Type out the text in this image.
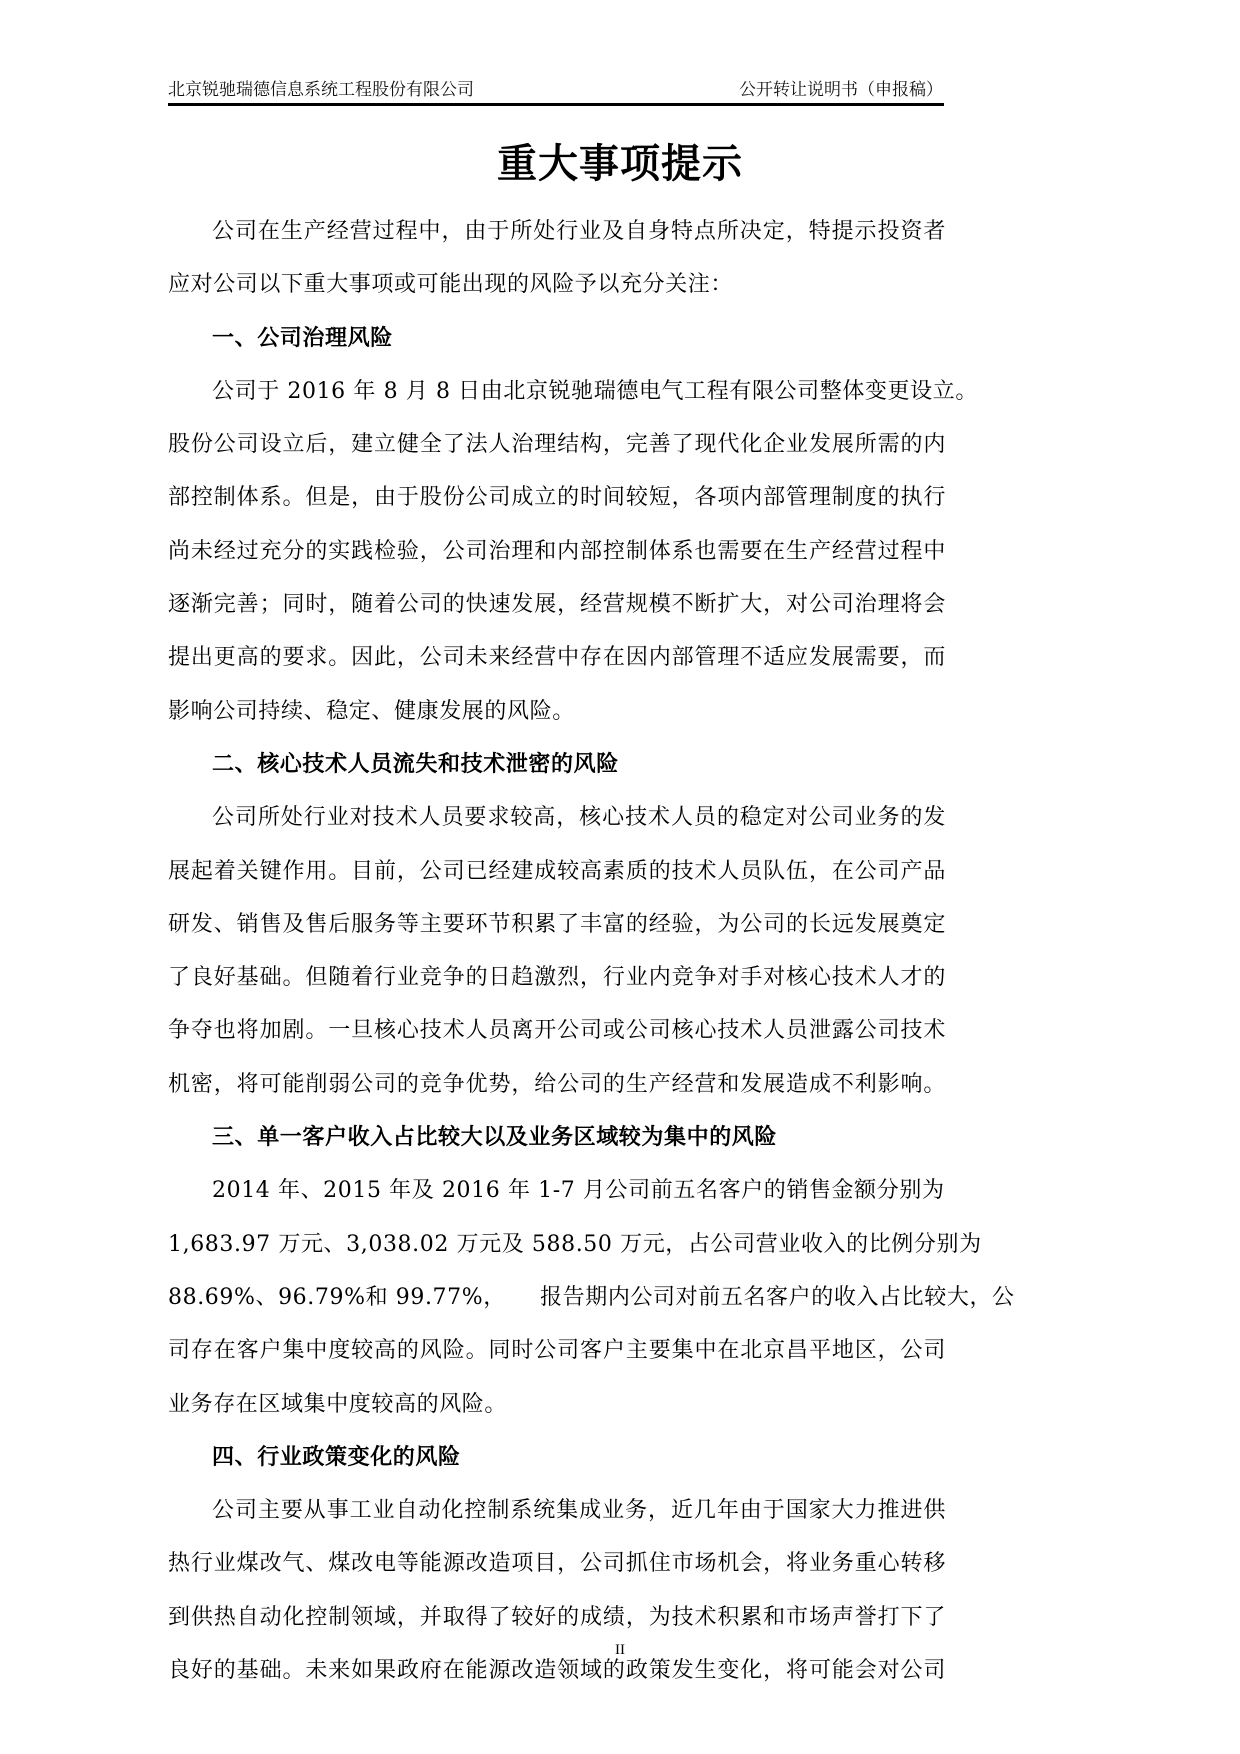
北京锐驰瑞德信息系统工程股份有限公司	公开转让说明书（申报稿）
重大事项提示
公司在生产经营过程中，由于所处行业及自身特点所决定，特提示投资者
应对公司以下重大事项或可能出现的风险予以充分关注：
一、公司治理风险
公司于 2016 年 8 月 8 日由北京锐驰瑞德电气工程有限公司整体变更设立。
股份公司设立后，建立健全了法人治理结构，完善了现代化企业发展所需的内
部控制体系。但是，由于股份公司成立的时间较短，各项内部管理制度的执行
尚未经过充分的实践检验，公司治理和内部控制体系也需要在生产经营过程中
逐渐完善；同时，随着公司的快速发展，经营规模不断扩大，对公司治理将会
提出更高的要求。因此，公司未来经营中存在因内部管理不适应发展需要，而
影响公司持续、稳定、健康发展的风险。
二、核心技术人员流失和技术泄密的风险
公司所处行业对技术人员要求较高，核心技术人员的稳定对公司业务的发
展起着关键作用。目前，公司已经建成较高素质的技术人员队伍，在公司产品
研发、销售及售后服务等主要环节积累了丰富的经验，为公司的长远发展奠定
了良好基础。但随着行业竞争的日趋激烈，行业内竞争对手对核心技术人才的
争夺也将加剧。一旦核心技术人员离开公司或公司核心技术人员泄露公司技术
机密，将可能削弱公司的竞争优势，给公司的生产经营和发展造成不利影响。
三、单一客户收入占比较大以及业务区域较为集中的风险
2014 年、2015 年及 2016 年 1-7 月公司前五名客户的销售金额分别为
1,683.97 万元、3,038.02 万元及 588.50 万元，占公司营业收入的比例分别为
88.69%、96.79%和 99.77%，　　报告期内公司对前五名客户的收入占比较大，公
司存在客户集中度较高的风险。同时公司客户主要集中在北京昌平地区，公司
业务存在区域集中度较高的风险。
四、行业政策变化的风险
公司主要从事工业自动化控制系统集成业务，近几年由于国家大力推进供
热行业煤改气、煤改电等能源改造项目，公司抓住市场机会，将业务重心转移
到供热自动化控制领域，并取得了较好的成绩，为技术积累和市场声誉打下了
良好的基础。未来如果政府在能源改造领域的政策发生变化，将可能会对公司
II
